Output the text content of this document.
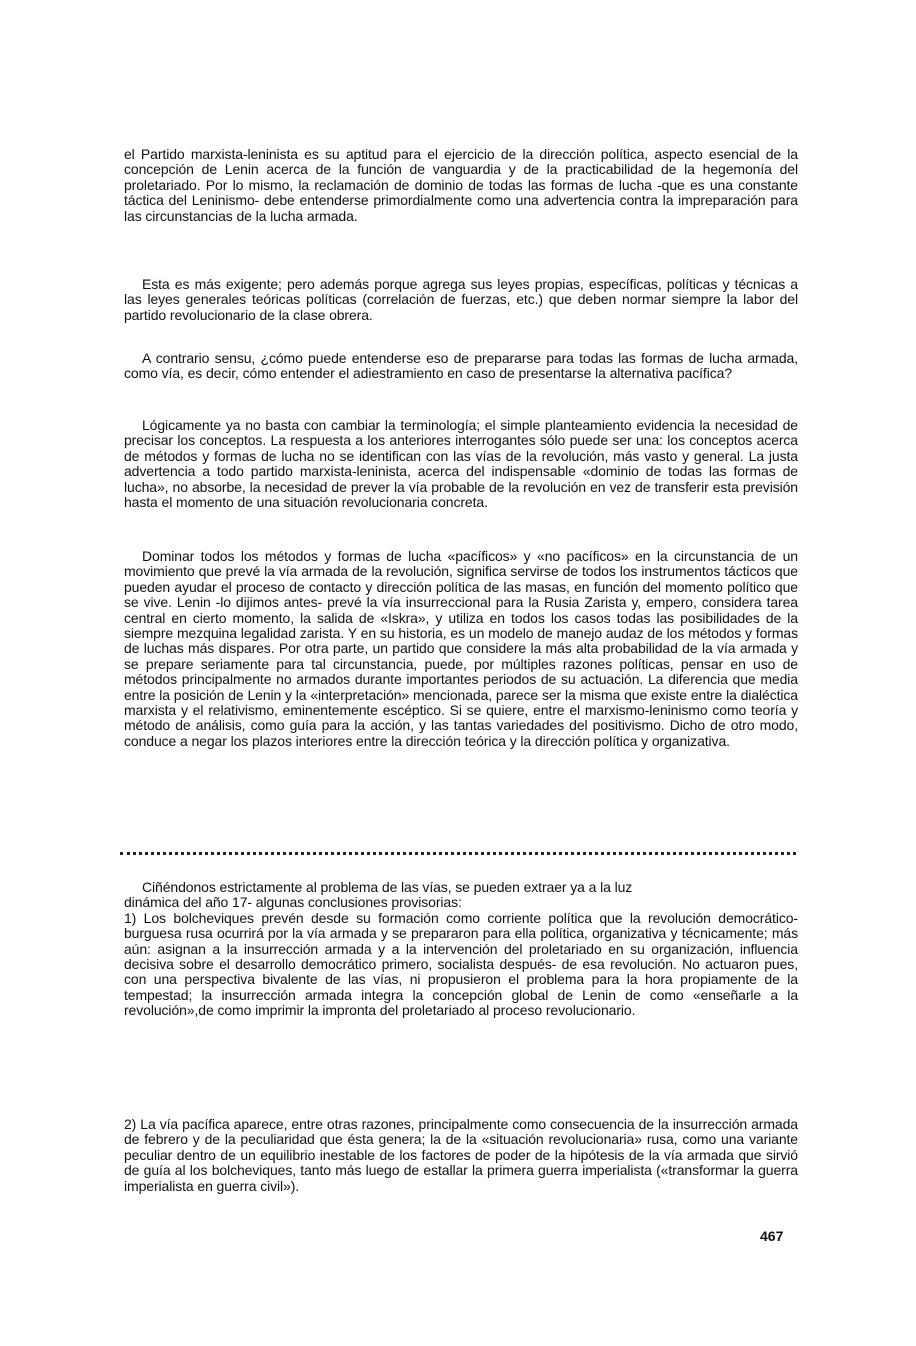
el Partido marxista-leninista es su aptitud para el ejercicio de la dirección política, aspecto esencial de la concepción de Lenin acerca de la función de vanguardia y de la practicabilidad de la hegemonía del proletariado. Por lo mismo, la reclamación de dominio de todas las formas de lucha -que es una constante táctica del Leninismo- debe entenderse primordialmente como una advertencia contra la impreparación para las circunstancias de la lucha armada.

Esta es más exigente; pero además porque agrega sus leyes propias, específicas, políticas y técnicas a las leyes generales teóricas políticas (correlación de fuerzas, etc.) que deben normar siempre la labor del partido revolucionario de la clase obrera.

A contrario sensu, ¿cómo puede entenderse eso de prepararse para todas las formas de lucha armada, como vía, es decir, cómo entender el adiestramiento en caso de presentarse la alternativa pacífica?

Lógicamente ya no basta con cambiar la terminología; el simple planteamiento evidencia la necesidad de precisar los conceptos. La respuesta a los anteriores interrogantes sólo puede ser una: los conceptos acerca de métodos y formas de lucha no se identifican con las vías de la revolución, más vasto y general. La justa advertencia a todo partido marxista-leninista, acerca del indispensable «dominio de todas las formas de lucha», no absorbe, la necesidad de prever la vía probable de la revolución en vez de transferir esta previsión hasta el momento de una situación revolucionaria concreta.

Dominar todos los métodos y formas de lucha «pacíficos» y «no pacíficos» en la circunstancia de un movimiento que prevé la vía armada de la revolución, significa servirse de todos los instrumentos tácticos que pueden ayudar el proceso de contacto y dirección política de las masas, en función del momento político que se vive. Lenin -lo dijimos antes- prevé la vía insurreccional para la Rusia Zarista y, empero, considera tarea central en cierto momento, la salida de «Iskra», y utiliza en todos los casos todas las posibilidades de la siempre mezquina legalidad zarista. Y en su historia, es un modelo de manejo audaz de los métodos y formas de luchas más dispares. Por otra parte, un partido que considere la más alta probabilidad de la vía armada y se prepare seriamente para tal circunstancia, puede, por múltiples razones políticas, pensar en uso de métodos principalmente no armados durante importantes periodos de su actuación. La diferencia que media entre la posición de Lenin y la «interpretación» mencionada, parece ser la misma que existe entre la dialéctica marxista y el relativismo, eminentemente escéptico. Si se quiere, entre el marxismo-leninismo como teoría y método de análisis, como guía para la acción, y las tantas variedades del positivismo. Dicho de otro modo, conduce a negar los plazos interiores entre la dirección teórica y la dirección política y organizativa.

Ciñéndonos estrictamente al problema de las vías, se pueden extraer ya a la luz
dinámica del año 17- algunas conclusiones provisorias:
1) Los bolcheviques prevén desde su formación como corriente política que la revolución democrático-burguesa rusa ocurrirá por la vía armada y se prepararon para ella política, organizativa y técnicamente; más aún: asignan a la insurrección armada y a la intervención del proletariado en su organización, influencia decisiva sobre el desarrollo democrático primero, socialista después- de esa revolución. No actuaron pues, con una perspectiva bivalente de las vías, ni propusieron el problema para la hora propiamente de la tempestad; la insurrección armada integra la concepción global de Lenin de como «enseñarle a la revolución»,de como imprimir la impronta del proletariado al proceso revolucionario.

2) La vía pacífica aparece, entre otras razones, principalmente como consecuencia de la insurrección armada de febrero y de la peculiaridad que ésta genera; la de la «situación revolucionaria» rusa, como una variante peculiar dentro de un equilibrio inestable de los factores de poder de la hipótesis de la vía armada que sirvió de guía al los bolcheviques, tanto más luego de estallar la primera guerra imperialista («transformar la guerra imperialista en guerra civil»).

467
